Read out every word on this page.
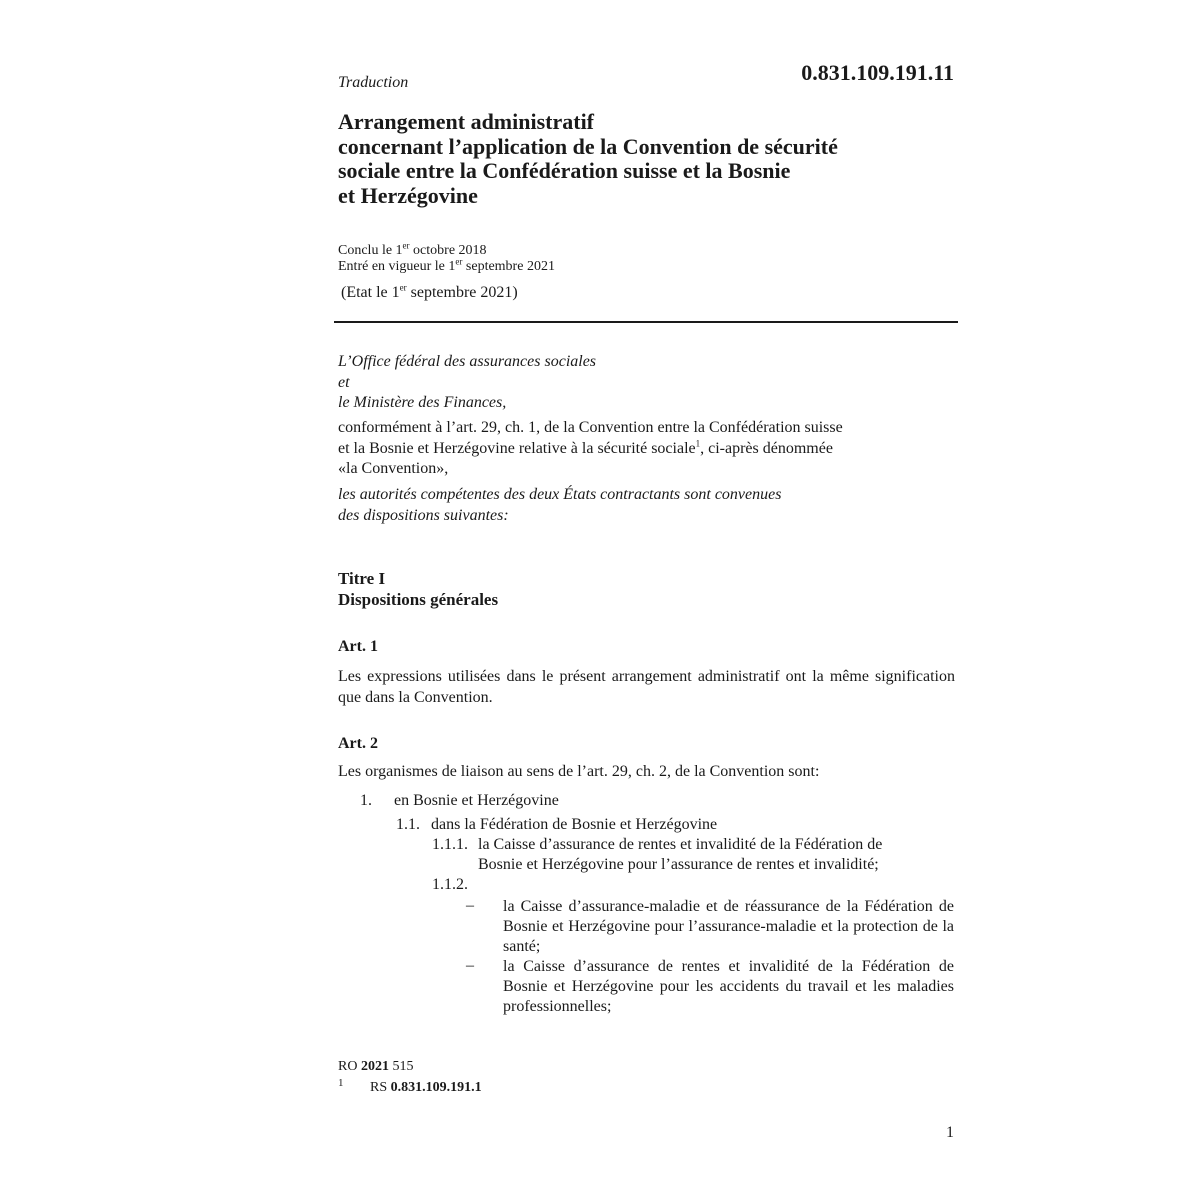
0.831.109.191.11
Traduction
Arrangement administratif
concernant l’application de la Convention de sécurité
sociale entre la Confédération suisse et la Bosnie
et Herzégovine
Conclu le 1er octobre 2018
Entré en vigueur le 1er septembre 2021
(Etat le 1er septembre 2021)
L’Office fédéral des assurances sociales
et
le Ministère des Finances,
conformément à l’art. 29, ch. 1, de la Convention entre la Confédération suisse
et la Bosnie et Herzégovine relative à la sécurité sociale$^1$, ci-après dénommée
«la Convention»,
les autorités compétentes des deux États contractants sont convenues
des dispositions suivantes:
Titre I
Dispositions générales
Art. 1
Les expressions utilisées dans le présent arrangement administratif ont la même signification que dans la Convention.
Art. 2
Les organismes de liaison au sens de l’art. 29, ch. 2, de la Convention sont:
1. en Bosnie et Herzégovine
1.1. dans la Fédération de Bosnie et Herzégovine
1.1.1. la Caisse d’assurance de rentes et invalidité de la Fédération de
Bosnie et Herzégovine pour l’assurance de rentes et invalidité;
1.1.2.
– la Caisse d’assurance-maladie et de réassurance de la Fédération de Bosnie et Herzégovine pour l’assurance-maladie et la protection de la santé;
– la Caisse d’assurance de rentes et invalidité de la Fédération de Bosnie et Herzégovine pour les accidents du travail et les maladies professionnelles;
RO 2021 515
1 RS 0.831.109.191.1
1
